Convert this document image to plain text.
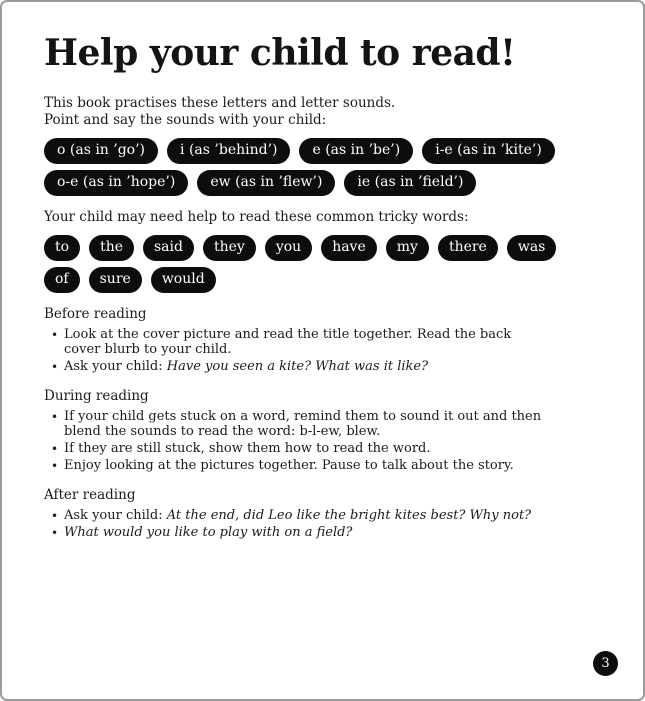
Help your child to read!
This book practises these letters and letter sounds.
Point and say the sounds with your child:
o (as in ’go’)	i (as ’behind’)	e (as in ’be’)	i-e (as in ’kite’)
o-e (as in ’hope’)	ew (as in ’flew’)	ie (as in ’field’)
Your child may need help to read these common tricky words:
to	the	said	they	you	have	my	there	was
of	sure	would
Before reading
•
Look at the cover picture and read the title together. Read the back cover blurb to your child.
•
Ask your child: Have you seen a kite? What was it like?
During reading
•
If your child gets stuck on a word, remind them to sound it out and then blend the sounds to read the word: b-l-ew, blew.
•
If they are still stuck, show them how to read the word.
•
Enjoy looking at the pictures together. Pause to talk about the story.
After reading
•
Ask your child: At the end, did Leo like the bright kites best? Why not?
•
What would you like to play with on a field?
3
